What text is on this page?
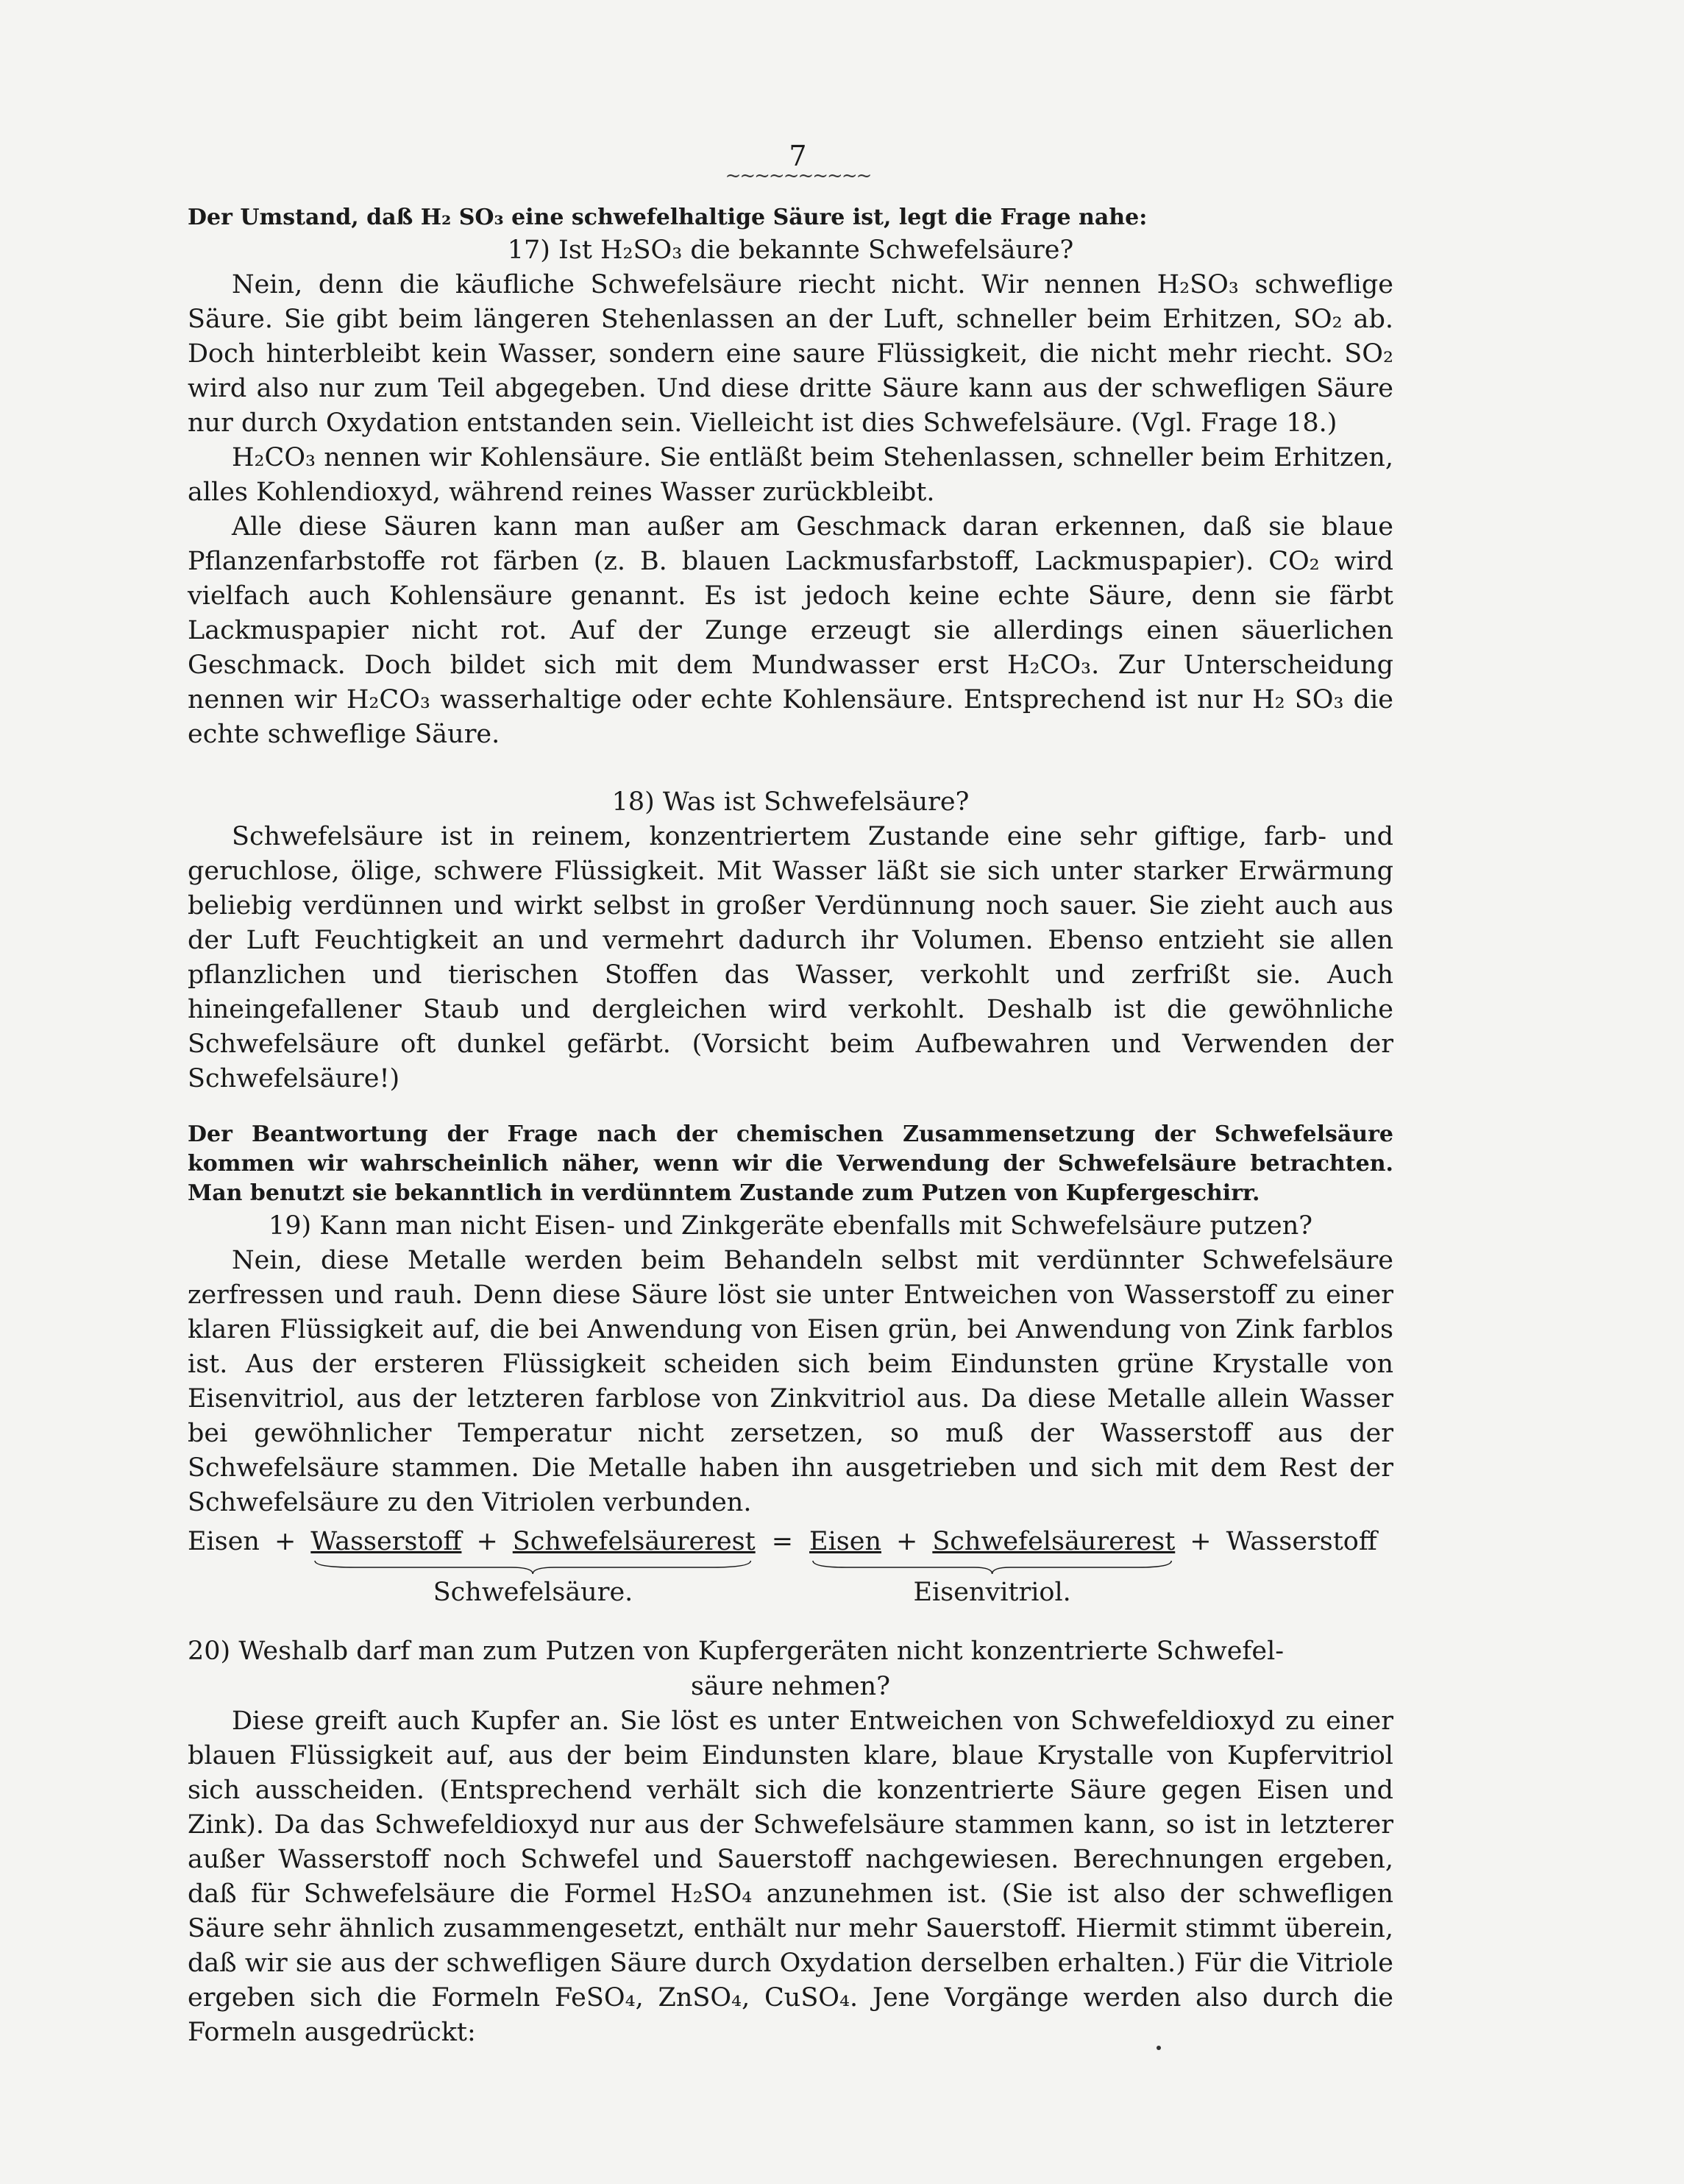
7
~~~~~~~~~~

Der Umstand, daß H₂ SO₃ eine schwefelhaltige Säure ist, legt die Frage nahe:

17) Ist H₂SO₃ die bekannte Schwefelsäure?

Nein, denn die käufliche Schwefelsäure riecht nicht. Wir nennen H₂SO₃ schweflige Säure. Sie gibt beim längeren Stehenlassen an der Luft, schneller beim Erhitzen, SO₂ ab. Doch hinterbleibt kein Wasser, sondern eine saure Flüssigkeit, die nicht mehr riecht. SO₂ wird also nur zum Teil abgegeben. Und diese dritte Säure kann aus der schwefligen Säure nur durch Oxydation entstanden sein. Vielleicht ist dies Schwefelsäure. (Vgl. Frage 18.)

H₂CO₃ nennen wir Kohlensäure. Sie entläßt beim Stehenlassen, schneller beim Erhitzen, alles Kohlendioxyd, während reines Wasser zurückbleibt.

Alle diese Säuren kann man außer am Geschmack daran erkennen, daß sie blaue Pflanzenfarbstoffe rot färben (z. B. blauen Lackmusfarbstoff, Lackmuspapier). CO₂ wird vielfach auch Kohlensäure genannt. Es ist jedoch keine echte Säure, denn sie färbt Lackmuspapier nicht rot. Auf der Zunge erzeugt sie allerdings einen säuerlichen Geschmack. Doch bildet sich mit dem Mundwasser erst H₂CO₃. Zur Unterscheidung nennen wir H₂CO₃ wasserhaltige oder echte Kohlensäure. Entsprechend ist nur H₂ SO₃ die echte schweflige Säure.

18) Was ist Schwefelsäure?

Schwefelsäure ist in reinem, konzentriertem Zustande eine sehr giftige, farb- und geruchlose, ölige, schwere Flüssigkeit. Mit Wasser läßt sie sich unter starker Erwärmung beliebig verdünnen und wirkt selbst in großer Verdünnung noch sauer. Sie zieht auch aus der Luft Feuchtigkeit an und vermehrt dadurch ihr Volumen. Ebenso entzieht sie allen pflanzlichen und tierischen Stoffen das Wasser, verkohlt und zerfrißt sie. Auch hineingefallener Staub und dergleichen wird verkohlt. Deshalb ist die gewöhnliche Schwefelsäure oft dunkel gefärbt. (Vorsicht beim Aufbewahren und Verwenden der Schwefelsäure!)

Der Beantwortung der Frage nach der chemischen Zusammensetzung der Schwefelsäure kommen wir wahrscheinlich näher, wenn wir die Verwendung der Schwefelsäure betrachten. Man benutzt sie bekanntlich in verdünntem Zustande zum Putzen von Kupfergeschirr.

19) Kann man nicht Eisen- und Zinkgeräte ebenfalls mit Schwefelsäure putzen?

Nein, diese Metalle werden beim Behandeln selbst mit verdünnter Schwefelsäure zerfressen und rauh. Denn diese Säure löst sie unter Entweichen von Wasserstoff zu einer klaren Flüssigkeit auf, die bei Anwendung von Eisen grün, bei Anwendung von Zink farblos ist. Aus der ersteren Flüssigkeit scheiden sich beim Eindunsten grüne Krystalle von Eisenvitriol, aus der letzteren farblose von Zinkvitriol aus. Da diese Metalle allein Wasser bei gewöhnlicher Temperatur nicht zersetzen, so muß der Wasserstoff aus der Schwefelsäure stammen. Die Metalle haben ihn ausgetrieben und sich mit dem Rest der Schwefelsäure zu den Vitriolen verbunden.

Eisen + Wasserstoff + Schwefelsäurerest
Schwefelsäure.
= Eisen + Schwefelsäurerest
Eisenvitriol.
+ Wasserstoff

20) Weshalb darf man zum Putzen von Kupfergeräten nicht konzentrierte Schwefel-

säure nehmen?

Diese greift auch Kupfer an. Sie löst es unter Entweichen von Schwefeldioxyd zu einer blauen Flüssigkeit auf, aus der beim Eindunsten klare, blaue Krystalle von Kupfervitriol sich ausscheiden. (Entsprechend verhält sich die konzentrierte Säure gegen Eisen und Zink). Da das Schwefeldioxyd nur aus der Schwefelsäure stammen kann, so ist in letzterer außer Wasserstoff noch Schwefel und Sauerstoff nachgewiesen. Berechnungen ergeben, daß für Schwefelsäure die Formel H₂SO₄ anzunehmen ist. (Sie ist also der schwefligen Säure sehr ähnlich zusammengesetzt, enthält nur mehr Sauerstoff. Hiermit stimmt überein, daß wir sie aus der schwefligen Säure durch Oxydation derselben erhalten.) Für die Vitriole ergeben sich die Formeln FeSO₄, ZnSO₄, CuSO₄. Jene Vorgänge werden also durch die Formeln ausgedrückt:
